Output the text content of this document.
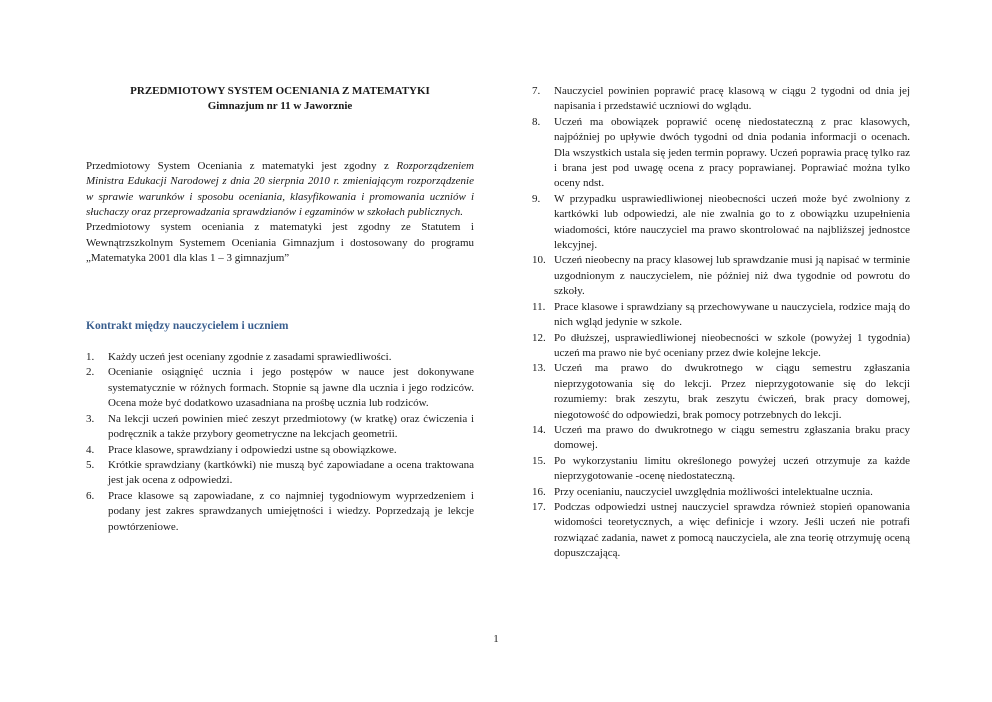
PRZEDMIOTOWY SYSTEM OCENIANIA Z MATEMATYKI

Gimnazjum nr 11 w Jaworznie

Przedmiotowy System Oceniania z matematyki jest zgodny z Rozporządzeniem Ministra Edukacji Narodowej z dnia 20 sierpnia 2010 r. zmieniającym rozporządzenie w sprawie warunków i sposobu oceniania, klasyfikowania i promowania uczniów i słuchaczy oraz przeprowadzania sprawdzianów i egzaminów w szkołach publicznych.

Przedmiotowy system oceniania z matematyki jest zgodny ze Statutem i Wewnątrzszkolnym Systemem Oceniania Gimnazjum i dostosowany do programu „Matematyka 2001 dla klas 1 – 3 gimnazjum”

Kontrakt między nauczycielem i uczniem

1.	Każdy uczeń jest oceniany zgodnie z zasadami sprawiedliwości.
2.	Ocenianie osiągnięć ucznia i jego postępów w nauce jest dokonywane systematycznie w różnych formach. Stopnie są jawne dla ucznia i jego rodziców. Ocena może być dodatkowo uzasadniana na prośbę ucznia lub rodziców.
3.	Na lekcji uczeń powinien mieć zeszyt przedmiotowy (w kratkę) oraz ćwiczenia i podręcznik a także przybory geometryczne na lekcjach geometrii.
4.	Prace klasowe, sprawdziany i odpowiedzi ustne są obowiązkowe.
5.	Krótkie sprawdziany (kartkówki) nie muszą być zapowiadane a ocena traktowana jest jak ocena z odpowiedzi.
6.	Prace klasowe są zapowiadane, z co najmniej tygodniowym wyprzedzeniem i podany jest zakres sprawdzanych umiejętności i wiedzy. Poprzedzają je lekcje powtórzeniowe.
7.	Nauczyciel powinien poprawić pracę klasową w ciągu 2 tygodni od dnia jej napisania i przedstawić uczniowi do wglądu.
8.	Uczeń ma obowiązek poprawić ocenę niedostateczną z prac klasowych, najpóźniej po upływie dwóch tygodni od dnia podania informacji o ocenach. Dla wszystkich ustala się jeden termin poprawy. Uczeń poprawia pracę tylko raz i brana jest pod uwagę ocena z pracy poprawianej. Poprawiać można tylko oceny ndst.
9.	W przypadku usprawiedliwionej nieobecności uczeń może być zwolniony z kartkówki lub odpowiedzi, ale nie zwalnia go to z obowiązku uzupełnienia wiadomości, które nauczyciel ma prawo skontrolować na najbliższej jednostce lekcyjnej.
10. Uczeń nieobecny na pracy klasowej lub sprawdzanie musi ją napisać w terminie uzgodnionym z nauczycielem, nie później niż dwa tygodnie od powrotu do szkoły.
11. Prace klasowe i sprawdziany są przechowywane u nauczyciela, rodzice mają do nich wgląd jedynie w szkole.
12. Po dłuższej, usprawiedliwionej nieobecności w szkole (powyżej 1 tygodnia) uczeń ma prawo nie być oceniany przez dwie kolejne lekcje.
13. Uczeń ma prawo do dwukrotnego w ciągu semestru zgłaszania nieprzygotowania się do lekcji. Przez nieprzygotowanie się do lekcji rozumiemy: brak zeszytu, brak zeszytu ćwiczeń, brak pracy domowej, niegotowość do odpowiedzi, brak pomocy potrzebnych do lekcji.
14. Uczeń ma prawo do dwukrotnego w ciągu semestru zgłaszania braku pracy domowej.
15. Po wykorzystaniu limitu określonego powyżej uczeń otrzymuje za każde nieprzygotowanie -ocenę niedostateczną.
16. Przy ocenianiu, nauczyciel uwzględnia możliwości intelektualne ucznia.
17. Podczas odpowiedzi ustnej nauczyciel sprawdza również stopień opanowania widomości teoretycznych, a więc definicje i wzory. Jeśli uczeń nie potrafi rozwiązać zadania, nawet z pomocą nauczyciela, ale zna teorię otrzymuję oceną dopuszczającą.
1
